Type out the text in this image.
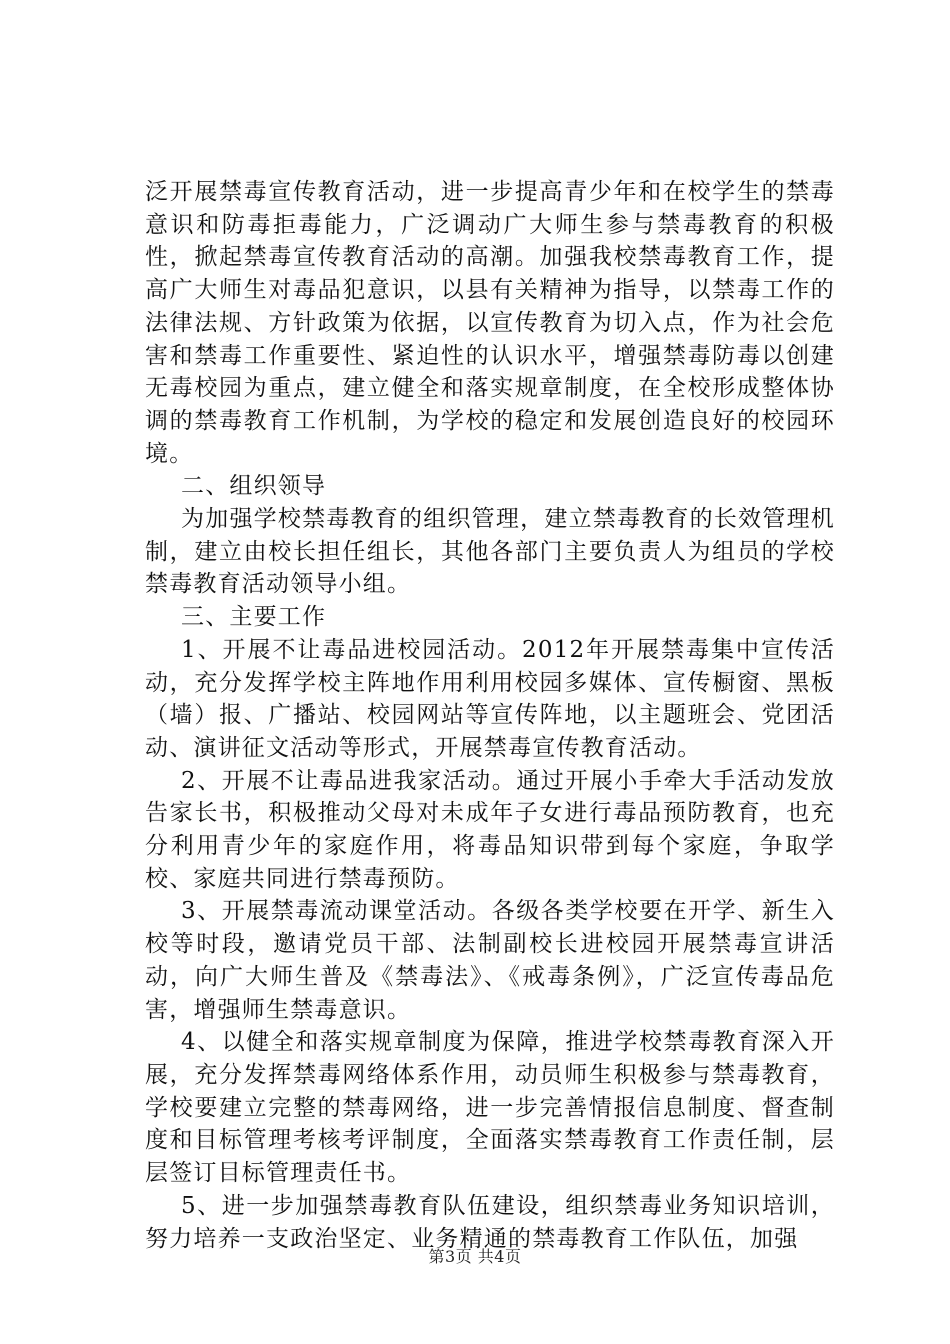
泛开展禁毒宣传教育活动，进一步提高青少年和在校学生的禁毒意识和防毒拒毒能力，广泛调动广大师生参与禁毒教育的积极性，掀起禁毒宣传教育活动的高潮。加强我校禁毒教育工作，提高广大师生对毒品犯意识，以县有关精神为指导，以禁毒工作的法律法规、方针政策为依据，以宣传教育为切入点，作为社会危害和禁毒工作重要性、紧迫性的认识水平，增强禁毒防毒以创建无毒校园为重点，建立健全和落实规章制度，在全校形成整体协调的禁毒教育工作机制，为学校的稳定和发展创造良好的校园环境。

二、组织领导

为加强学校禁毒教育的组织管理，建立禁毒教育的长效管理机制，建立由校长担任组长，其他各部门主要负责人为组员的学校禁毒教育活动领导小组。

三、主要工作

1、开展不让毒品进校园活动。2012年开展禁毒集中宣传活动，充分发挥学校主阵地作用利用校园多媒体、宣传橱窗、黑板（墙）报、广播站、校园网站等宣传阵地，以主题班会、党团活动、演讲征文活动等形式，开展禁毒宣传教育活动。

2、开展不让毒品进我家活动。通过开展小手牵大手活动发放告家长书，积极推动父母对未成年子女进行毒品预防教育，也充分利用青少年的家庭作用，将毒品知识带到每个家庭，争取学校、家庭共同进行禁毒预防。

3、开展禁毒流动课堂活动。各级各类学校要在开学、新生入校等时段，邀请党员干部、法制副校长进校园开展禁毒宣讲活动，向广大师生普及《禁毒法》、《戒毒条例》，广泛宣传毒品危害，增强师生禁毒意识。

4、以健全和落实规章制度为保障，推进学校禁毒教育深入开展，充分发挥禁毒网络体系作用，动员师生积极参与禁毒教育，学校要建立完整的禁毒网络，进一步完善情报信息制度、督查制度和目标管理考核考评制度，全面落实禁毒教育工作责任制，层层签订目标管理责任书。

5、进一步加强禁毒教育队伍建设，组织禁毒业务知识培训，努力培养一支政治坚定、业务精通的禁毒教育工作队伍，加强

第3页 共4页
